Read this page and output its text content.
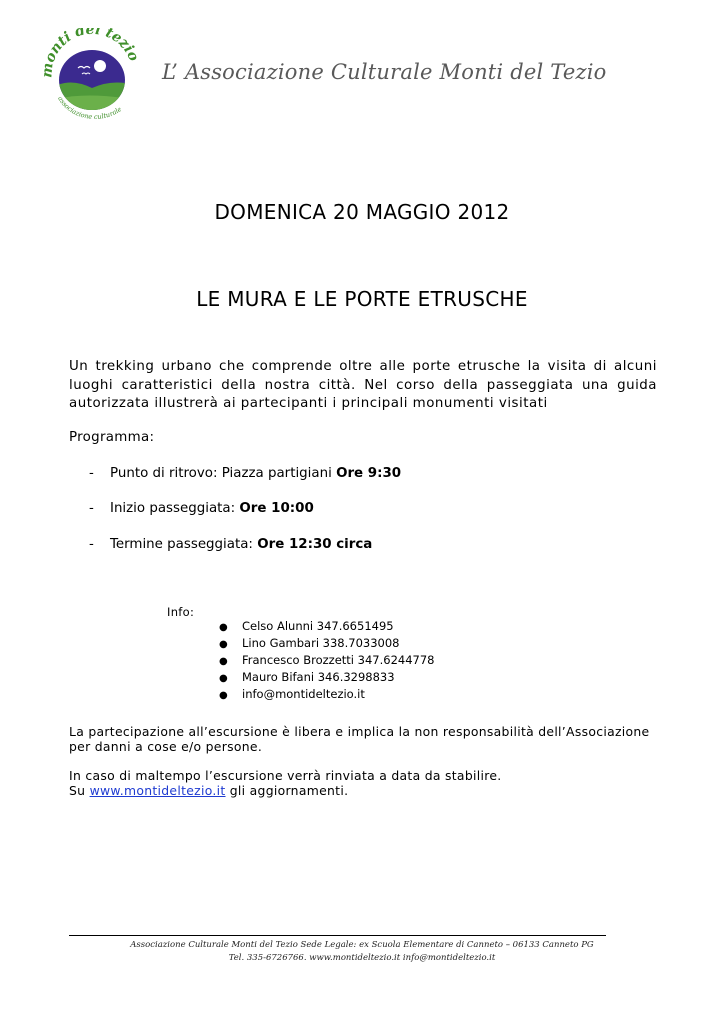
monti del tezio
associazione culturale
L’ Associazione Culturale Monti del Tezio
DOMENICA 20 MAGGIO 2012
LE MURA E LE PORTE ETRUSCHE
Un trekking urbano che comprende oltre alle porte etrusche la visita di alcuni luoghi caratteristici della nostra città. Nel corso della passeggiata una guida autorizzata illustrerà ai partecipanti i principali monumenti visitati
Programma:
- Punto di ritrovo: Piazza partigiani Ore 9:30
- Inizio passeggiata: Ore 10:00
- Termine passeggiata: Ore 12:30 circa
Info:
● Celso Alunni 347.6651495
● Lino Gambari 338.7033008
● Francesco Brozzetti 347.6244778
● Mauro Bifani 346.3298833
● info@montideltezio.it
La partecipazione all’escursione è libera e implica la non responsabilità dell’Associazione per danni a cose e/o persone.
In caso di maltempo l’escursione verrà rinviata a data da stabilire.
Su www.montideltezio.it gli aggiornamenti.
Associazione Culturale Monti del Tezio Sede Legale: ex Scuola Elementare di Canneto – 06133 Canneto PG
Tel. 335-6726766. www.montideltezio.it info@montideltezio.it
